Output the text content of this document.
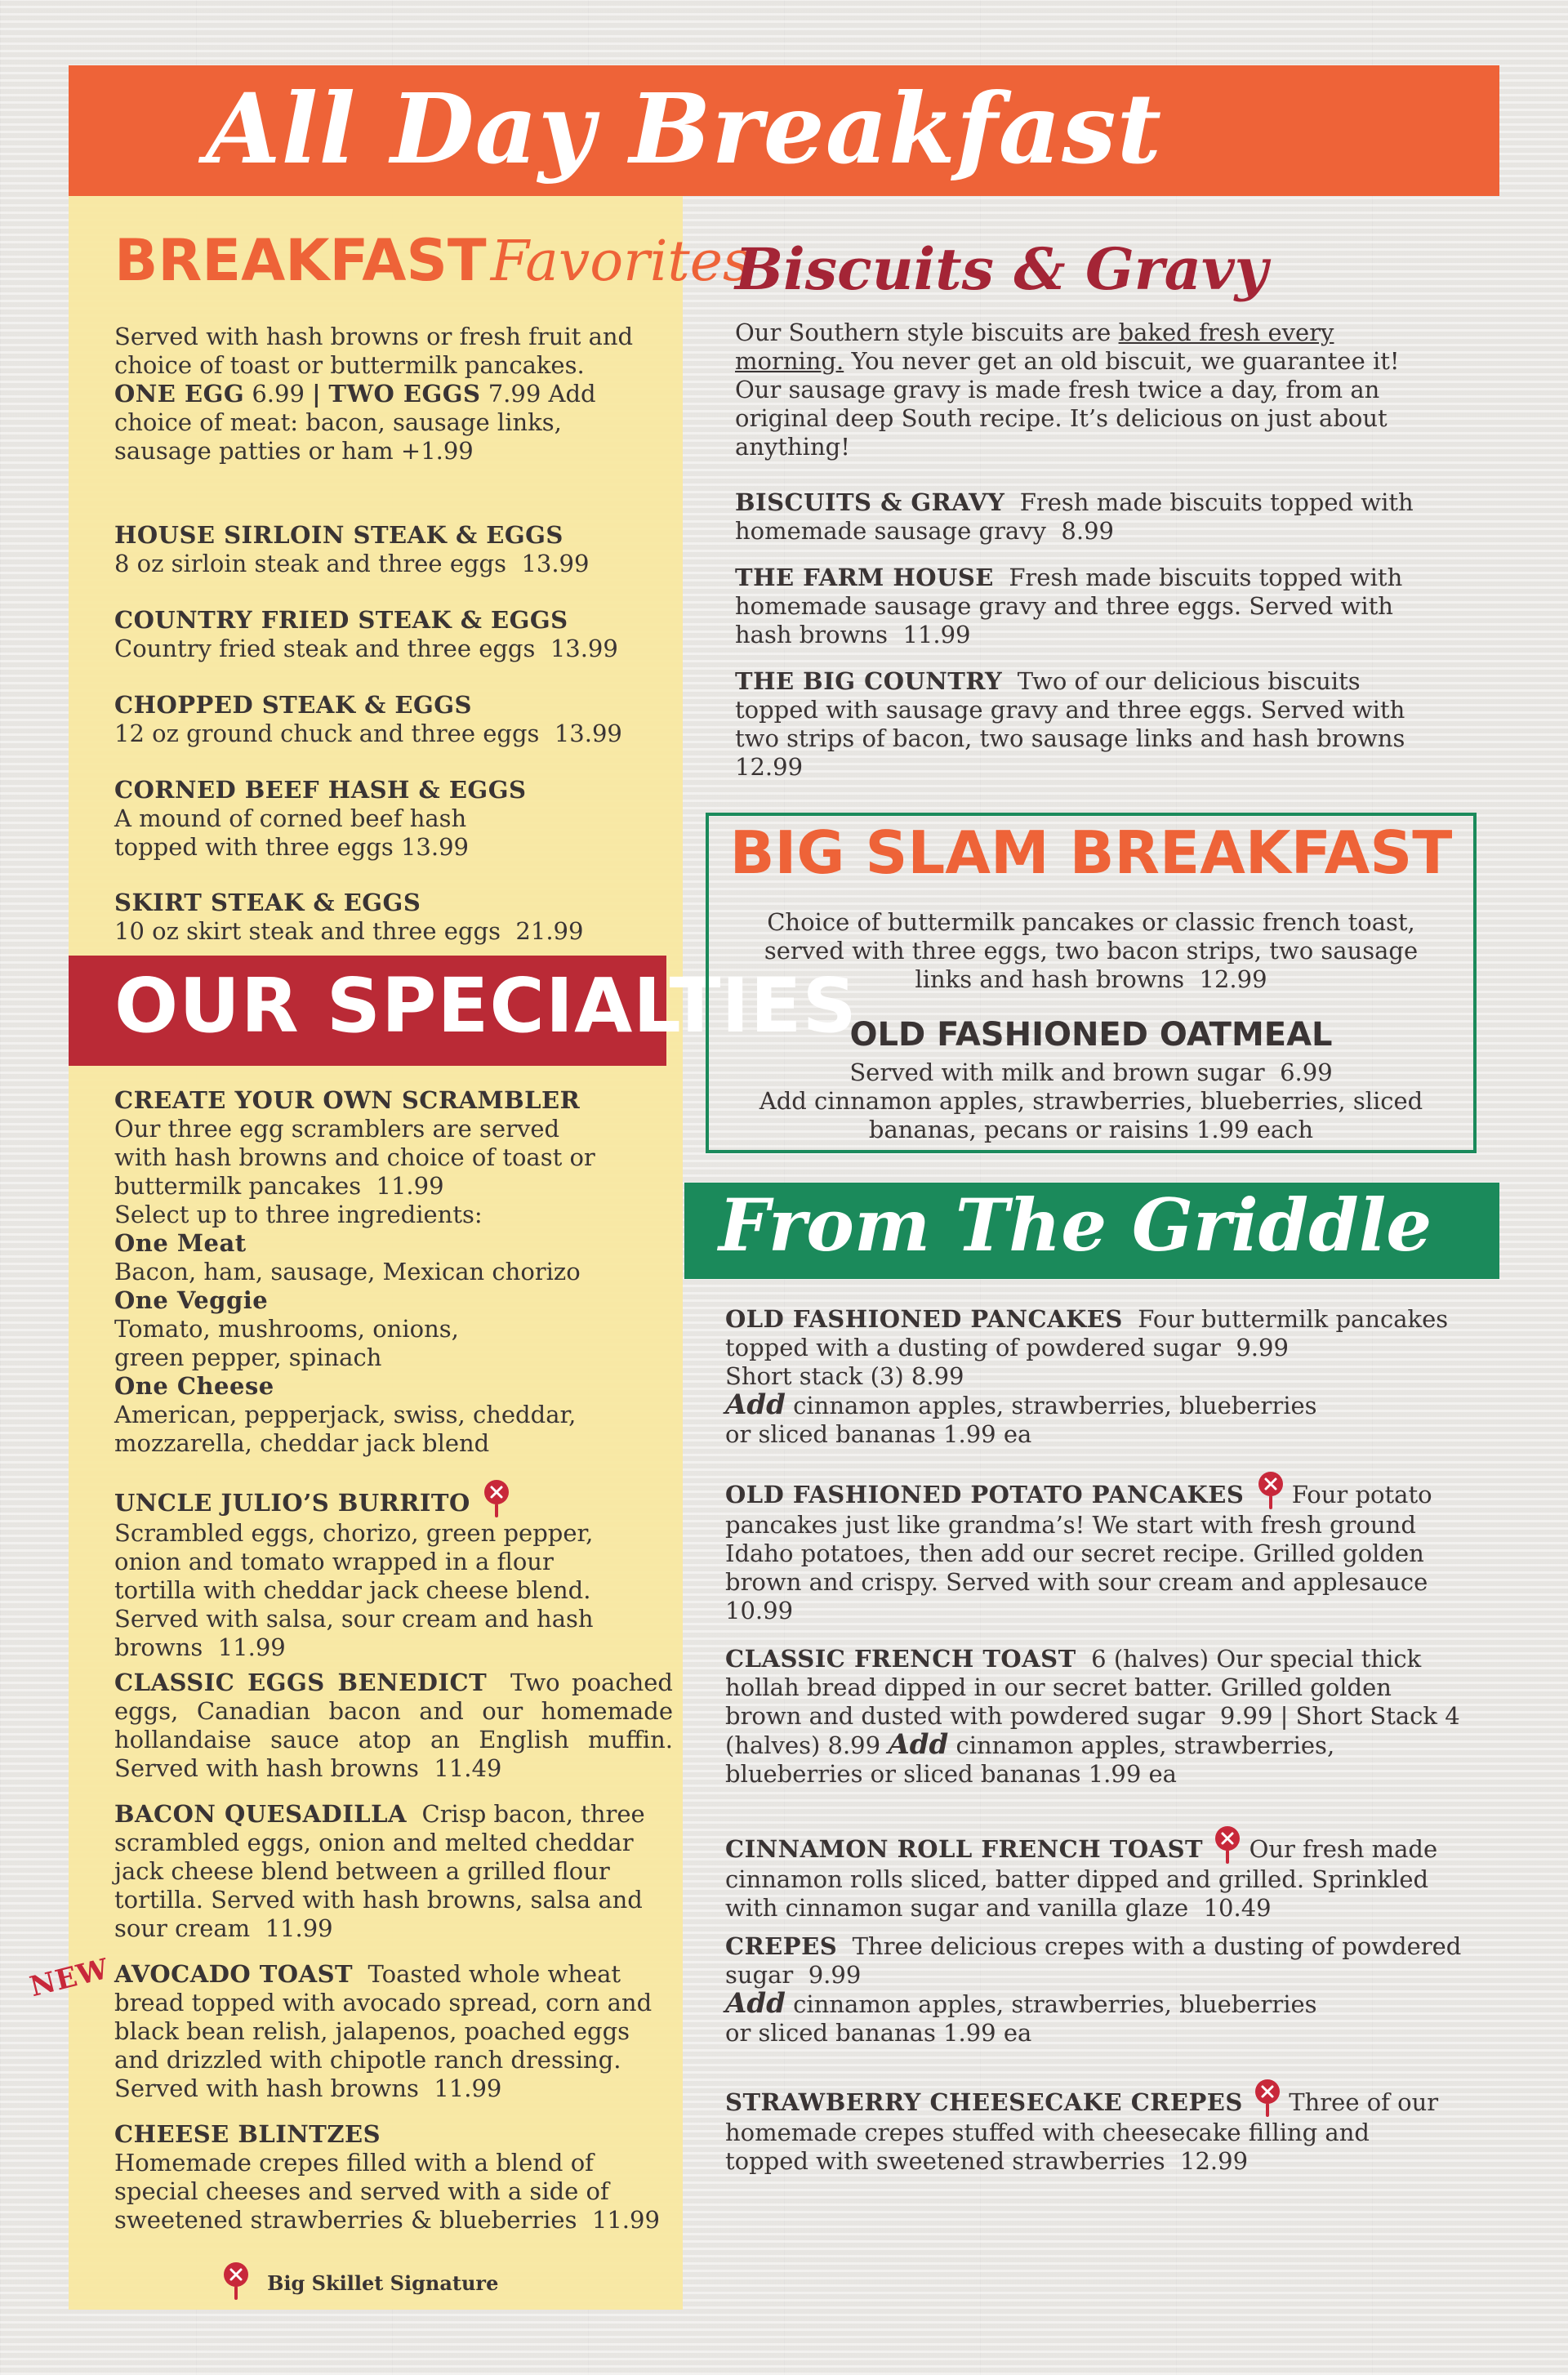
All Day Breakfast
BREAKFAST Favorites
Served with hash browns or fresh fruit and choice of toast or buttermilk pancakes.
ONE EGG 6.99 | TWO EGGS 7.99 Add choice of meat: bacon, sausage links, sausage patties or ham +1.99
HOUSE SIRLOIN STEAK & EGGS
8 oz sirloin steak and three eggs 13.99
COUNTRY FRIED STEAK & EGGS
Country fried steak and three eggs 13.99
CHOPPED STEAK & EGGS
12 oz ground chuck and three eggs 13.99
CORNED BEEF HASH & EGGS
A mound of corned beef hash topped with three eggs 13.99
SKIRT STEAK & EGGS
10 oz skirt steak and three eggs 21.99
OUR SPECIALTIES
CREATE YOUR OWN SCRAMBLER
Our three egg scramblers are served with hash browns and choice of toast or buttermilk pancakes 11.99
Select up to three ingredients:
One Meat
Bacon, ham, sausage, Mexican chorizo
One Veggie
Tomato, mushrooms, onions, green pepper, spinach
One Cheese
American, pepperjack, swiss, cheddar, mozzarella, cheddar jack blend
UNCLE JULIO’S BURRITO
Scrambled eggs, chorizo, green pepper, onion and tomato wrapped in a flour tortilla with cheddar jack cheese blend. Served with salsa, sour cream and hash browns 11.99
CLASSIC EGGS BENEDICT Two poached eggs, Canadian bacon and our homemade hollandaise sauce atop an English muffin. Served with hash browns 11.49
BACON QUESADILLA Crisp bacon, three scrambled eggs, onion and melted cheddar jack cheese blend between a grilled flour tortilla. Served with hash browns, salsa and sour cream 11.99
NEW AVOCADO TOAST Toasted whole wheat bread topped with avocado spread, corn and black bean relish, jalapenos, poached eggs and drizzled with chipotle ranch dressing. Served with hash browns 11.99
CHEESE BLINTZES
Homemade crepes filled with a blend of special cheeses and served with a side of sweetened strawberries & blueberries 11.99
Big Skillet Signature
Biscuits & Gravy
Our Southern style biscuits are baked fresh every morning. You never get an old biscuit, we guarantee it! Our sausage gravy is made fresh twice a day, from an original deep South recipe. It’s delicious on just about anything!
BISCUITS & GRAVY Fresh made biscuits topped with homemade sausage gravy 8.99
THE FARM HOUSE Fresh made biscuits topped with homemade sausage gravy and three eggs. Served with hash browns 11.99
THE BIG COUNTRY Two of our delicious biscuits topped with sausage gravy and three eggs. Served with two strips of bacon, two sausage links and hash browns  12.99
BIG SLAM BREAKFAST
Choice of buttermilk pancakes or classic french toast, served with three eggs, two bacon strips, two sausage links and hash browns 12.99
OLD FASHIONED OATMEAL
Served with milk and brown sugar 6.99
Add cinnamon apples, strawberries, blueberries, sliced bananas, pecans or raisins 1.99 each
From The Griddle
OLD FASHIONED PANCAKES Four buttermilk pancakes topped with a dusting of powdered sugar 9.99
Short stack (3) 8.99
Add cinnamon apples, strawberries, blueberries or sliced bananas 1.99 ea
OLD FASHIONED POTATO PANCAKES Four potato pancakes just like grandma’s! We start with fresh ground Idaho potatoes, then add our secret recipe. Grilled golden brown and crispy. Served with sour cream and applesauce  10.99
CLASSIC FRENCH TOAST 6 (halves) Our special thick hollah bread dipped in our secret batter. Grilled golden brown and dusted with powdered sugar 9.99 | Short Stack 4 (halves) 8.99 Add cinnamon apples, strawberries, blueberries or sliced bananas 1.99 ea
CINNAMON ROLL FRENCH TOAST Our fresh made cinnamon rolls sliced, batter dipped and grilled. Sprinkled with cinnamon sugar and vanilla glaze 10.49
CREPES Three delicious crepes with a dusting of powdered sugar 9.99
Add cinnamon apples, strawberries, blueberries or sliced bananas 1.99 ea
STRAWBERRY CHEESECAKE CREPES Three of our homemade crepes stuffed with cheesecake filling and topped with sweetened strawberries 12.99
